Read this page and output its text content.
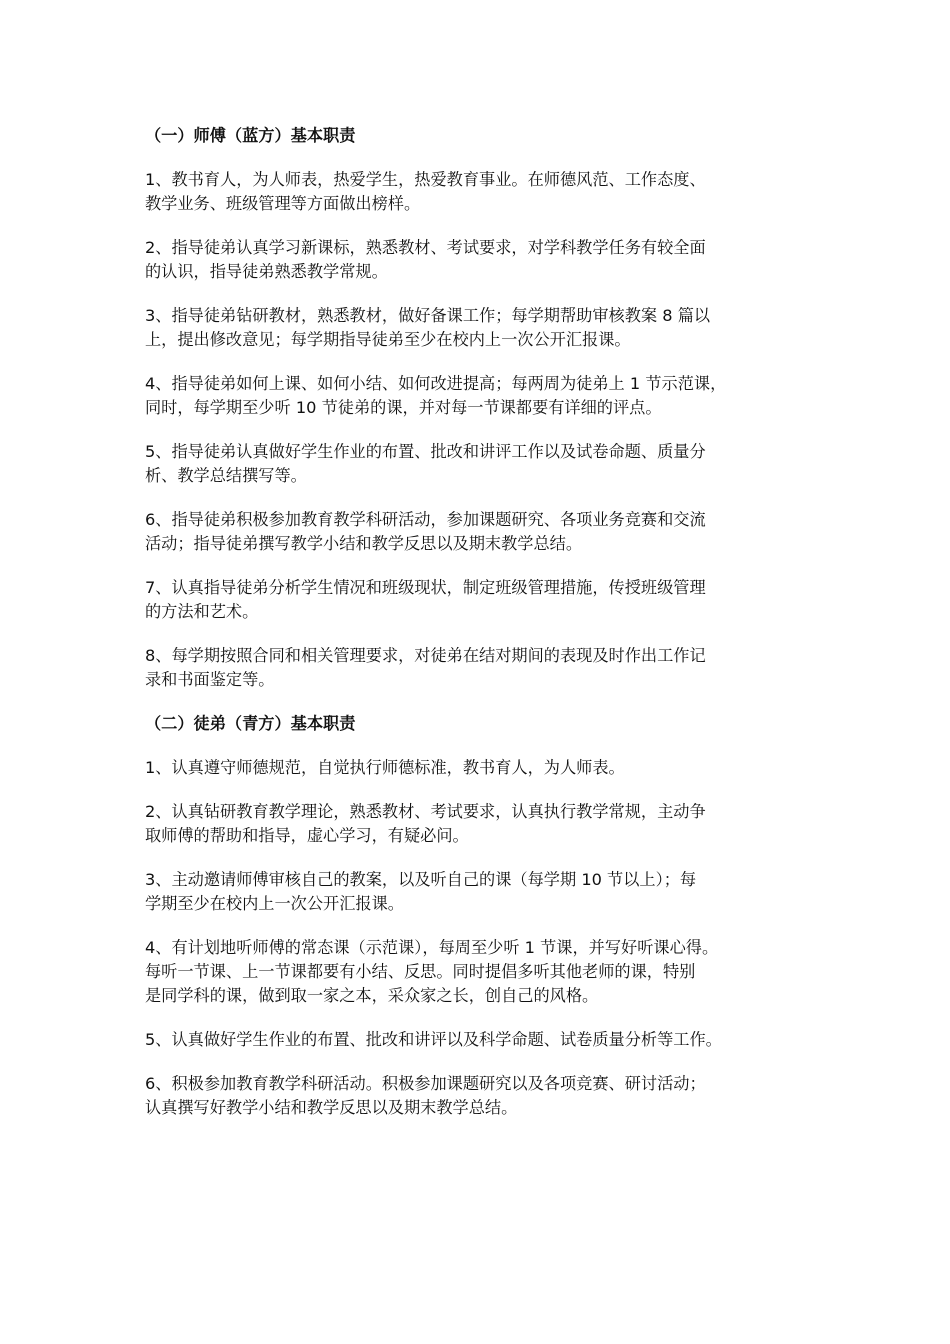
（一）师傅（蓝方）基本职责
1、教书育人，为人师表，热爱学生，热爱教育事业。在师德风范、工作态度、
教学业务、班级管理等方面做出榜样。
2、指导徒弟认真学习新课标，熟悉教材、考试要求，对学科教学任务有较全面
的认识，指导徒弟熟悉教学常规。
3、指导徒弟钻研教材，熟悉教材，做好备课工作；每学期帮助审核教案 8 篇以
上，提出修改意见；每学期指导徒弟至少在校内上一次公开汇报课。
4、指导徒弟如何上课、如何小结、如何改进提高；每两周为徒弟上 1 节示范课，
同时，每学期至少听 10 节徒弟的课，并对每一节课都要有详细的评点。
5、指导徒弟认真做好学生作业的布置、批改和讲评工作以及试卷命题、质量分
析、教学总结撰写等。
6、指导徒弟积极参加教育教学科研活动，参加课题研究、各项业务竞赛和交流
活动；指导徒弟撰写教学小结和教学反思以及期末教学总结。
7、认真指导徒弟分析学生情况和班级现状，制定班级管理措施，传授班级管理
的方法和艺术。
8、每学期按照合同和相关管理要求，对徒弟在结对期间的表现及时作出工作记
录和书面鉴定等。
（二）徒弟（青方）基本职责
1、认真遵守师德规范，自觉执行师德标准，教书育人，为人师表。
2、认真钻研教育教学理论，熟悉教材、考试要求，认真执行教学常规，主动争
取师傅的帮助和指导，虚心学习，有疑必问。
3、主动邀请师傅审核自己的教案，以及听自己的课（每学期 10 节以上）；每
学期至少在校内上一次公开汇报课。
4、有计划地听师傅的常态课（示范课），每周至少听 1 节课，并写好听课心得。
每听一节课、上一节课都要有小结、反思。同时提倡多听其他老师的课，特别
是同学科的课，做到取一家之本，采众家之长，创自己的风格。
5、认真做好学生作业的布置、批改和讲评以及科学命题、试卷质量分析等工作。
6、积极参加教育教学科研活动。积极参加课题研究以及各项竞赛、研讨活动；
认真撰写好教学小结和教学反思以及期末教学总结。
